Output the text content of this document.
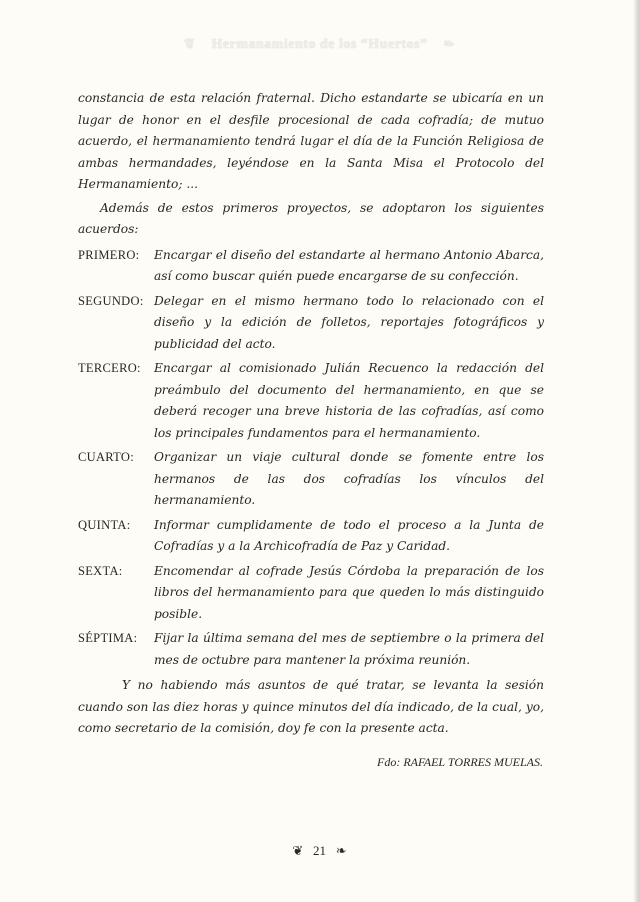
❦ Hermanamiento de los “Huertos” ❧

constancia de esta relación fraternal. Dicho estandarte se ubicaría en un lugar de honor en el desfile procesional de cada cofradía; de mutuo acuerdo, el hermanamiento tendrá lugar el día de la Función Religiosa de ambas hermandades, leyéndose en la Santa Misa el Protocolo del Hermanamiento; ...

Además de estos primeros proyectos, se adoptaron los siguientes acuerdos:

PRIMERO:	Encargar el diseño del estandarte al hermano Antonio Abarca, así como buscar quién puede encargarse de su confección.
SEGUNDO: Delegar en el mismo hermano todo lo relacionado con el diseño y la edición de folletos, reportajes fotográficos y publicidad del acto.
TERCERO:	Encargar al comisionado Julián Recuenco la redacción del preámbulo del documento del hermanamiento, en que se deberá recoger una breve historia de las cofradías, así como los principales fundamentos para el hermanamiento.
CUARTO:	Organizar un viaje cultural donde se fomente entre los hermanos de las dos cofradías los vínculos del hermanamiento.
QUINTA:	Informar cumplidamente de todo el proceso a la Junta de Cofradías y a la Archicofradía de Paz y Caridad.
SEXTA:	Encomendar al cofrade Jesús Córdoba la preparación de los libros del hermanamiento para que queden lo más distinguido posible.
SÉPTIMA:	Fijar la última semana del mes de septiembre o la primera del mes de octubre para mantener la próxima reunión.

Y no habiendo más asuntos de qué tratar, se levanta la sesión cuando son las diez horas y quince minutos del día indicado, de la cual, yo, como secretario de la comisión, doy fe con la presente acta.

Fdo: RAFAEL TORRES MUELAS.
❦ 21 ❧
